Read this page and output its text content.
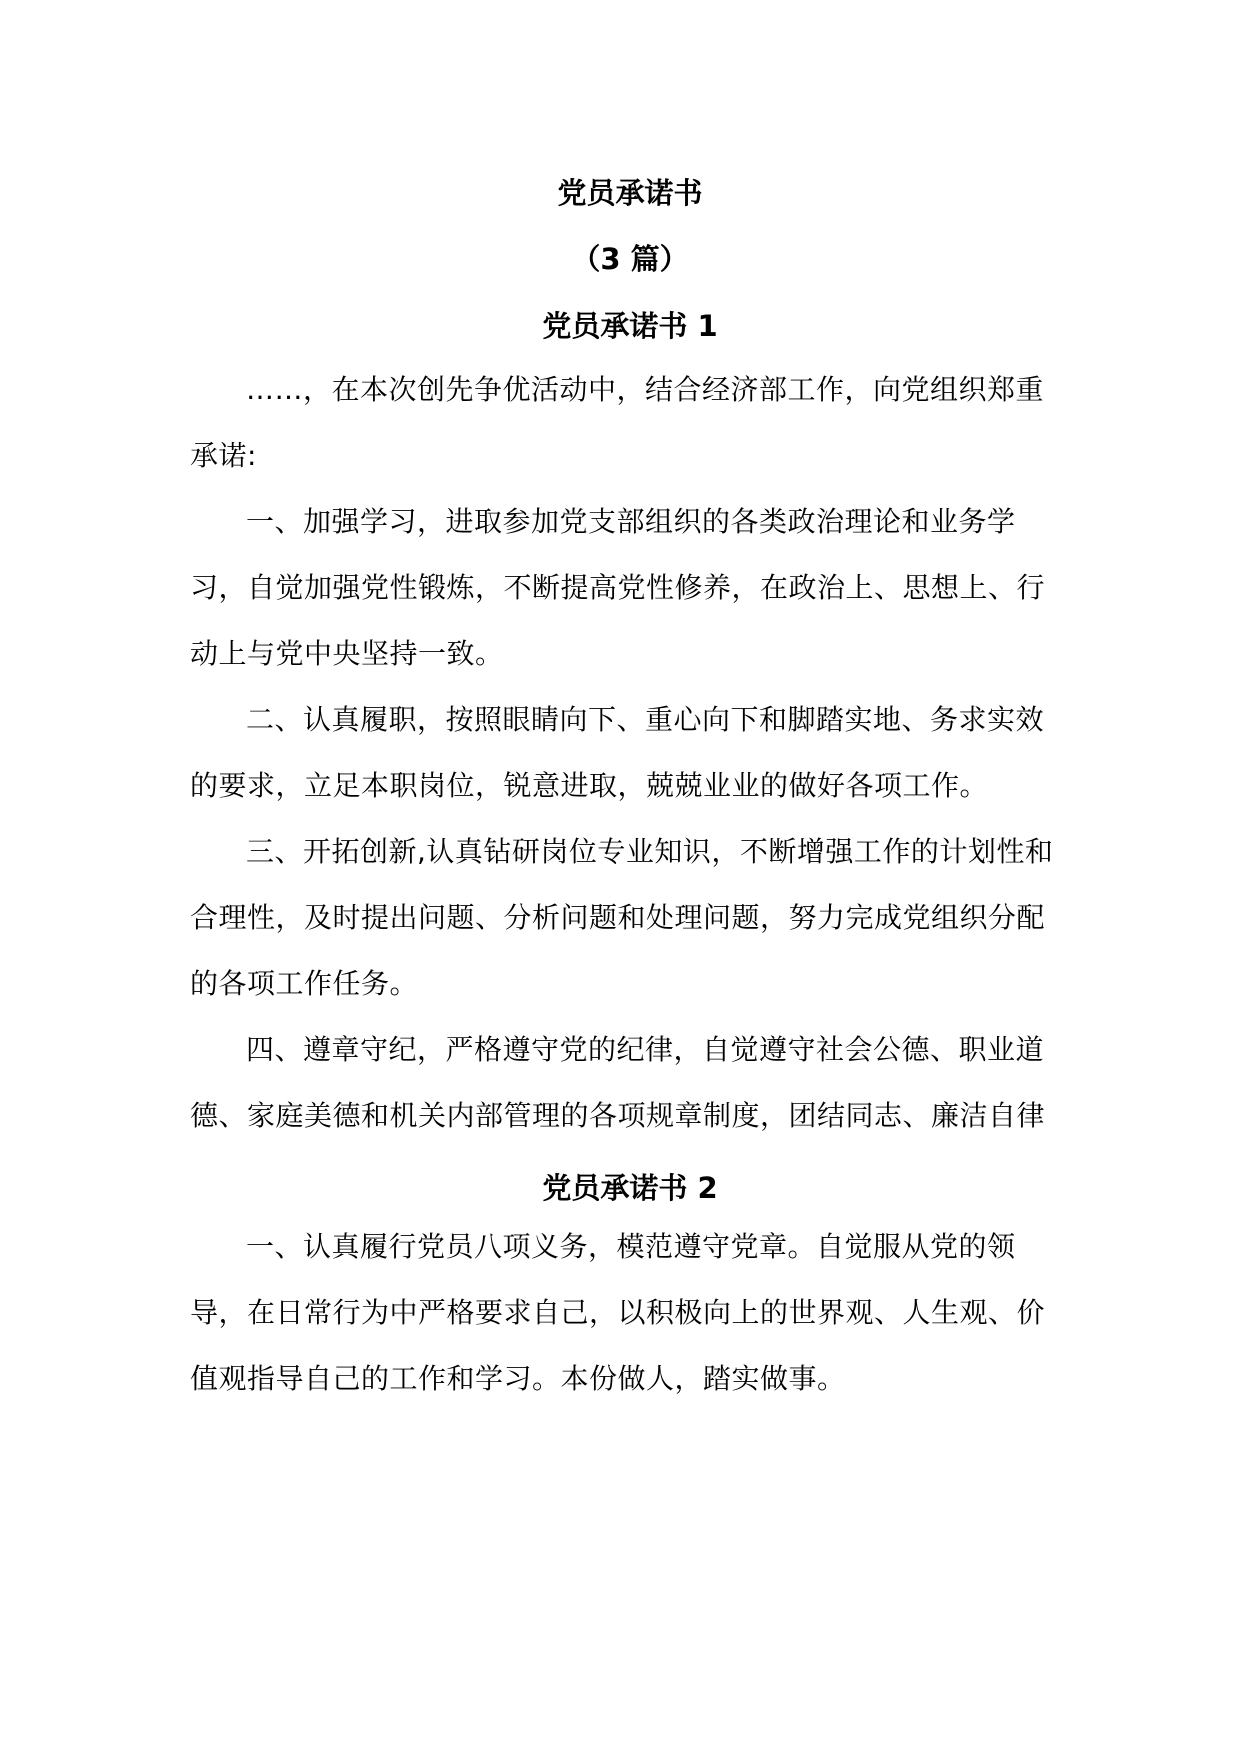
党员承诺书
（3 篇）
党员承诺书 1

……，在本次创先争优活动中，结合经济部工作，向党组织郑重承诺:

一、加强学习，进取参加党支部组织的各类政治理论和业务学习，自觉加强党性锻炼，不断提高党性修养，在政治上、思想上、行动上与党中央坚持一致。

二、认真履职，按照眼睛向下、重心向下和脚踏实地、务求实效的要求，立足本职岗位，锐意进取，兢兢业业的做好各项工作。

三、开拓创新,认真钻研岗位专业知识，不断增强工作的计划性和合理性，及时提出问题、分析问题和处理问题，努力完成党组织分配的各项工作任务。

四、遵章守纪，严格遵守党的纪律，自觉遵守社会公德、职业道德、家庭美德和机关内部管理的各项规章制度，团结同志、廉洁自律

党员承诺书 2

一、认真履行党员八项义务，模范遵守党章。自觉服从党的领导，在日常行为中严格要求自己，以积极向上的世界观、人生观、价值观指导自己的工作和学习。本份做人，踏实做事。
